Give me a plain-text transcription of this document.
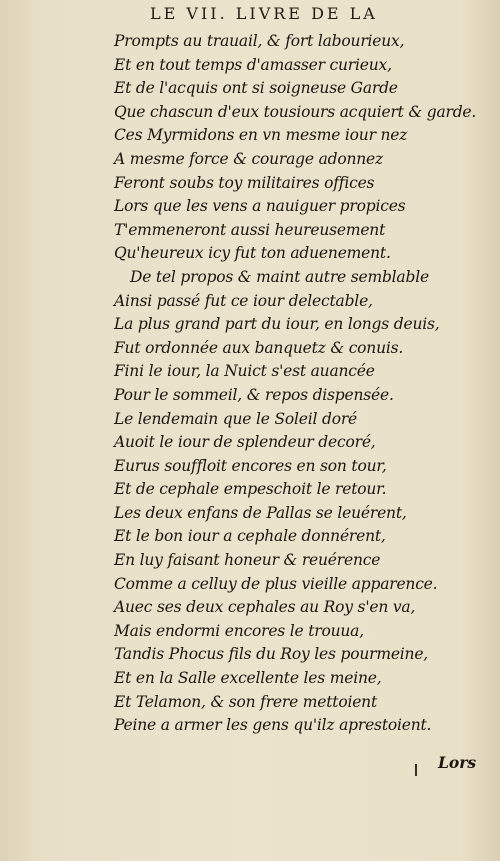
LE VII. LIVRE DE LA
Prompts au trauail, & fort labourieux,
Et en tout temps d'amasser curieux,
Et de l'acquis ont si soigneuse Garde
Que chascun d'eux tousiours acquiert & garde.
Ces Myrmidons en vn mesme iour nez
A mesme force & courage adonnez
Feront soubs toy militaires offices
Lors que les vens a nauiguer propices
T'emmeneront aussi heureusement
Qu'heureux icy fut ton aduenement.
De tel propos & maint autre semblable
Ainsi passé fut ce iour delectable,
La plus grand part du iour, en longs deuis,
Fut ordonnée aux banquetz & conuis.
Fini le iour, la Nuict s'est auancée
Pour le sommeil, & repos dispensée.
Le lendemain que le Soleil doré
Auoit le iour de splendeur decoré,
Eurus souffloit encores en son tour,
Et de cephale empeschoit le retour.
Les deux enfans de Pallas se leuérent,
Et le bon iour a cephale donnérent,
En luy faisant honeur & reuérence
Comme a celluy de plus vieille apparence.
Auec ses deux cephales au Roy s'en va,
Mais endormi encores le trouua,
Tandis Phocus fils du Roy les pourmeine,
Et en la Salle excellente les meine,
Et Telamon, & son frere mettoient
Peine a armer les gens qu'ilz aprestoient.
Lors
